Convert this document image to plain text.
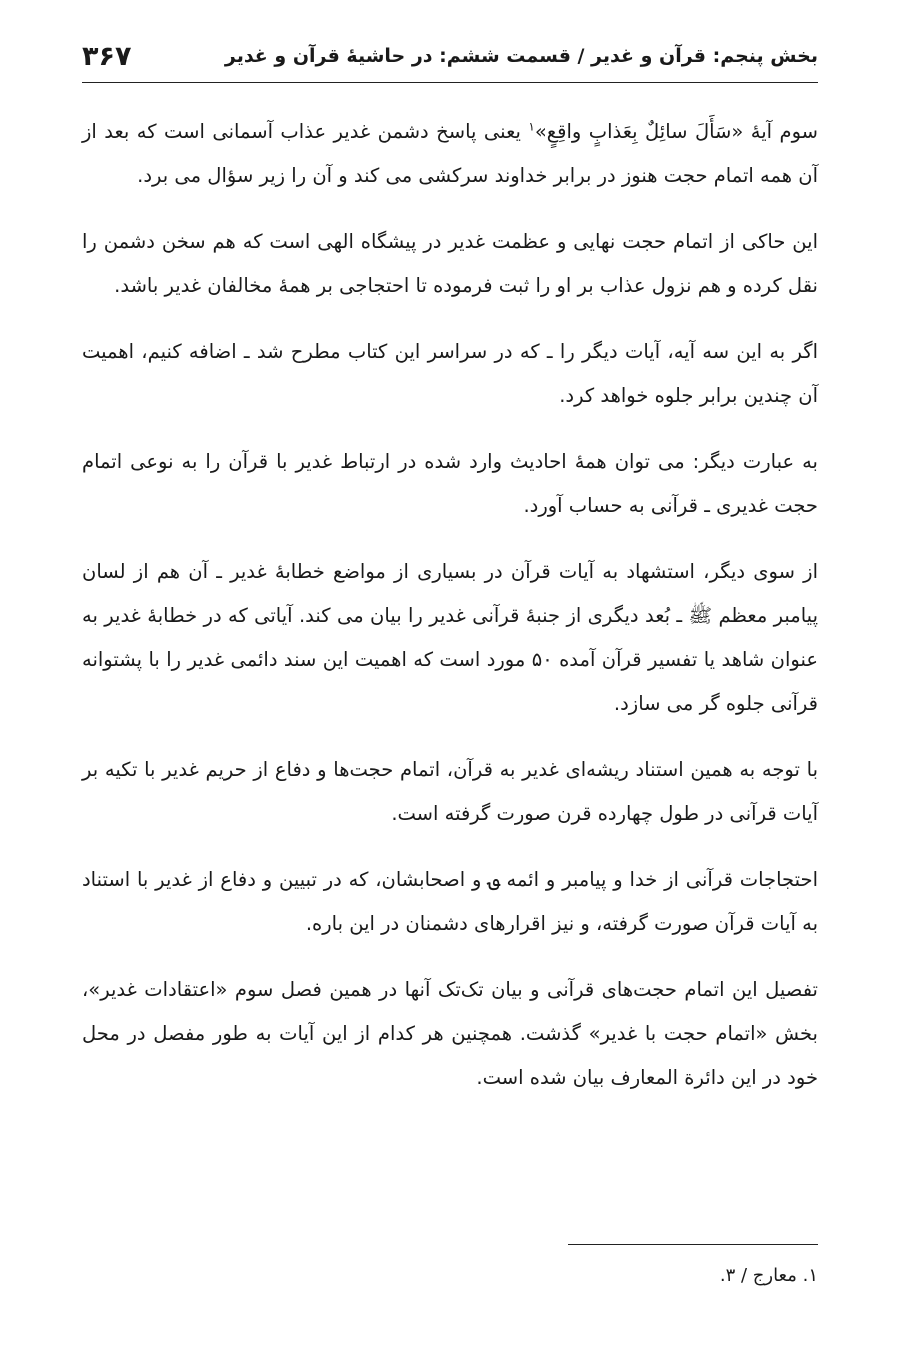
بخش پنجم: قرآن و غدیر / قسمت ششم: در حاشیۀ قرآن و غدیر
۳۶۷

سوم آیۀ «سَأَلَ سائِلٌ بِعَذابٍ واقِعٍ»$^۱$ یعنی پاسخ دشمن غدیر عذاب آسمانی است که بعد از آن همه اتمام حجت هنوز در برابر خداوند سرکشی می کند و آن را زیر سؤال می برد.

این حاکی از اتمام حجت نهایی و عظمت غدیر در پیشگاه الهی است که هم سخن دشمن را نقل کرده و هم نزول عذاب بر او را ثبت فرموده تا احتجاجی بر همۀ مخالفان غدیر باشد.

اگر به این سه آیه، آیات دیگر را ـ که در سراسر این کتاب مطرح شد ـ اضافه کنیم، اهمیت آن چندین برابر جلوه خواهد کرد.

به عبارت دیگر: می توان همۀ احادیث وارد شده در ارتباط غدیر با قرآن را به نوعی اتمام حجت غدیری ـ قرآنی به حساب آورد.

از سوی دیگر، استشهاد به آیات قرآن در بسیاری از مواضع خطابۀ غدیر ـ آن هم از لسان پیامبر معظم ﷺ ـ بُعد دیگری از جنبۀ قرآنی غدیر را بیان می کند. آیاتی که در خطابۀ غدیر به عنوان شاهد یا تفسیر قرآن آمده ۵۰ مورد است که اهمیت این سند دائمی غدیر را با پشتوانه قرآنی جلوه گر می سازد.

با توجه به همین استناد ریشه‌ای غدیر به قرآن، اتمام حجت‌ها و دفاع از حریم غدیر با تکیه بر آیات قرآنی در طول چهارده قرن صورت گرفته است.

احتجاجات قرآنی از خدا و پیامبر و ائمه ؈ و اصحابشان، که در تبیین و دفاع از غدیر با استناد به آیات قرآن صورت گرفته، و نیز اقرارهای دشمنان در این باره.

تفصیل این اتمام حجت‌های قرآنی و بیان تک‌تک آنها در همین فصل سوم «اعتقادات غدیر»، بخش «اتمام حجت با غدیر» گذشت. همچنین هر کدام از این آیات به طور مفصل در محل خود در این دائرة المعارف بیان شده است.

۱. معارج / ۳.
